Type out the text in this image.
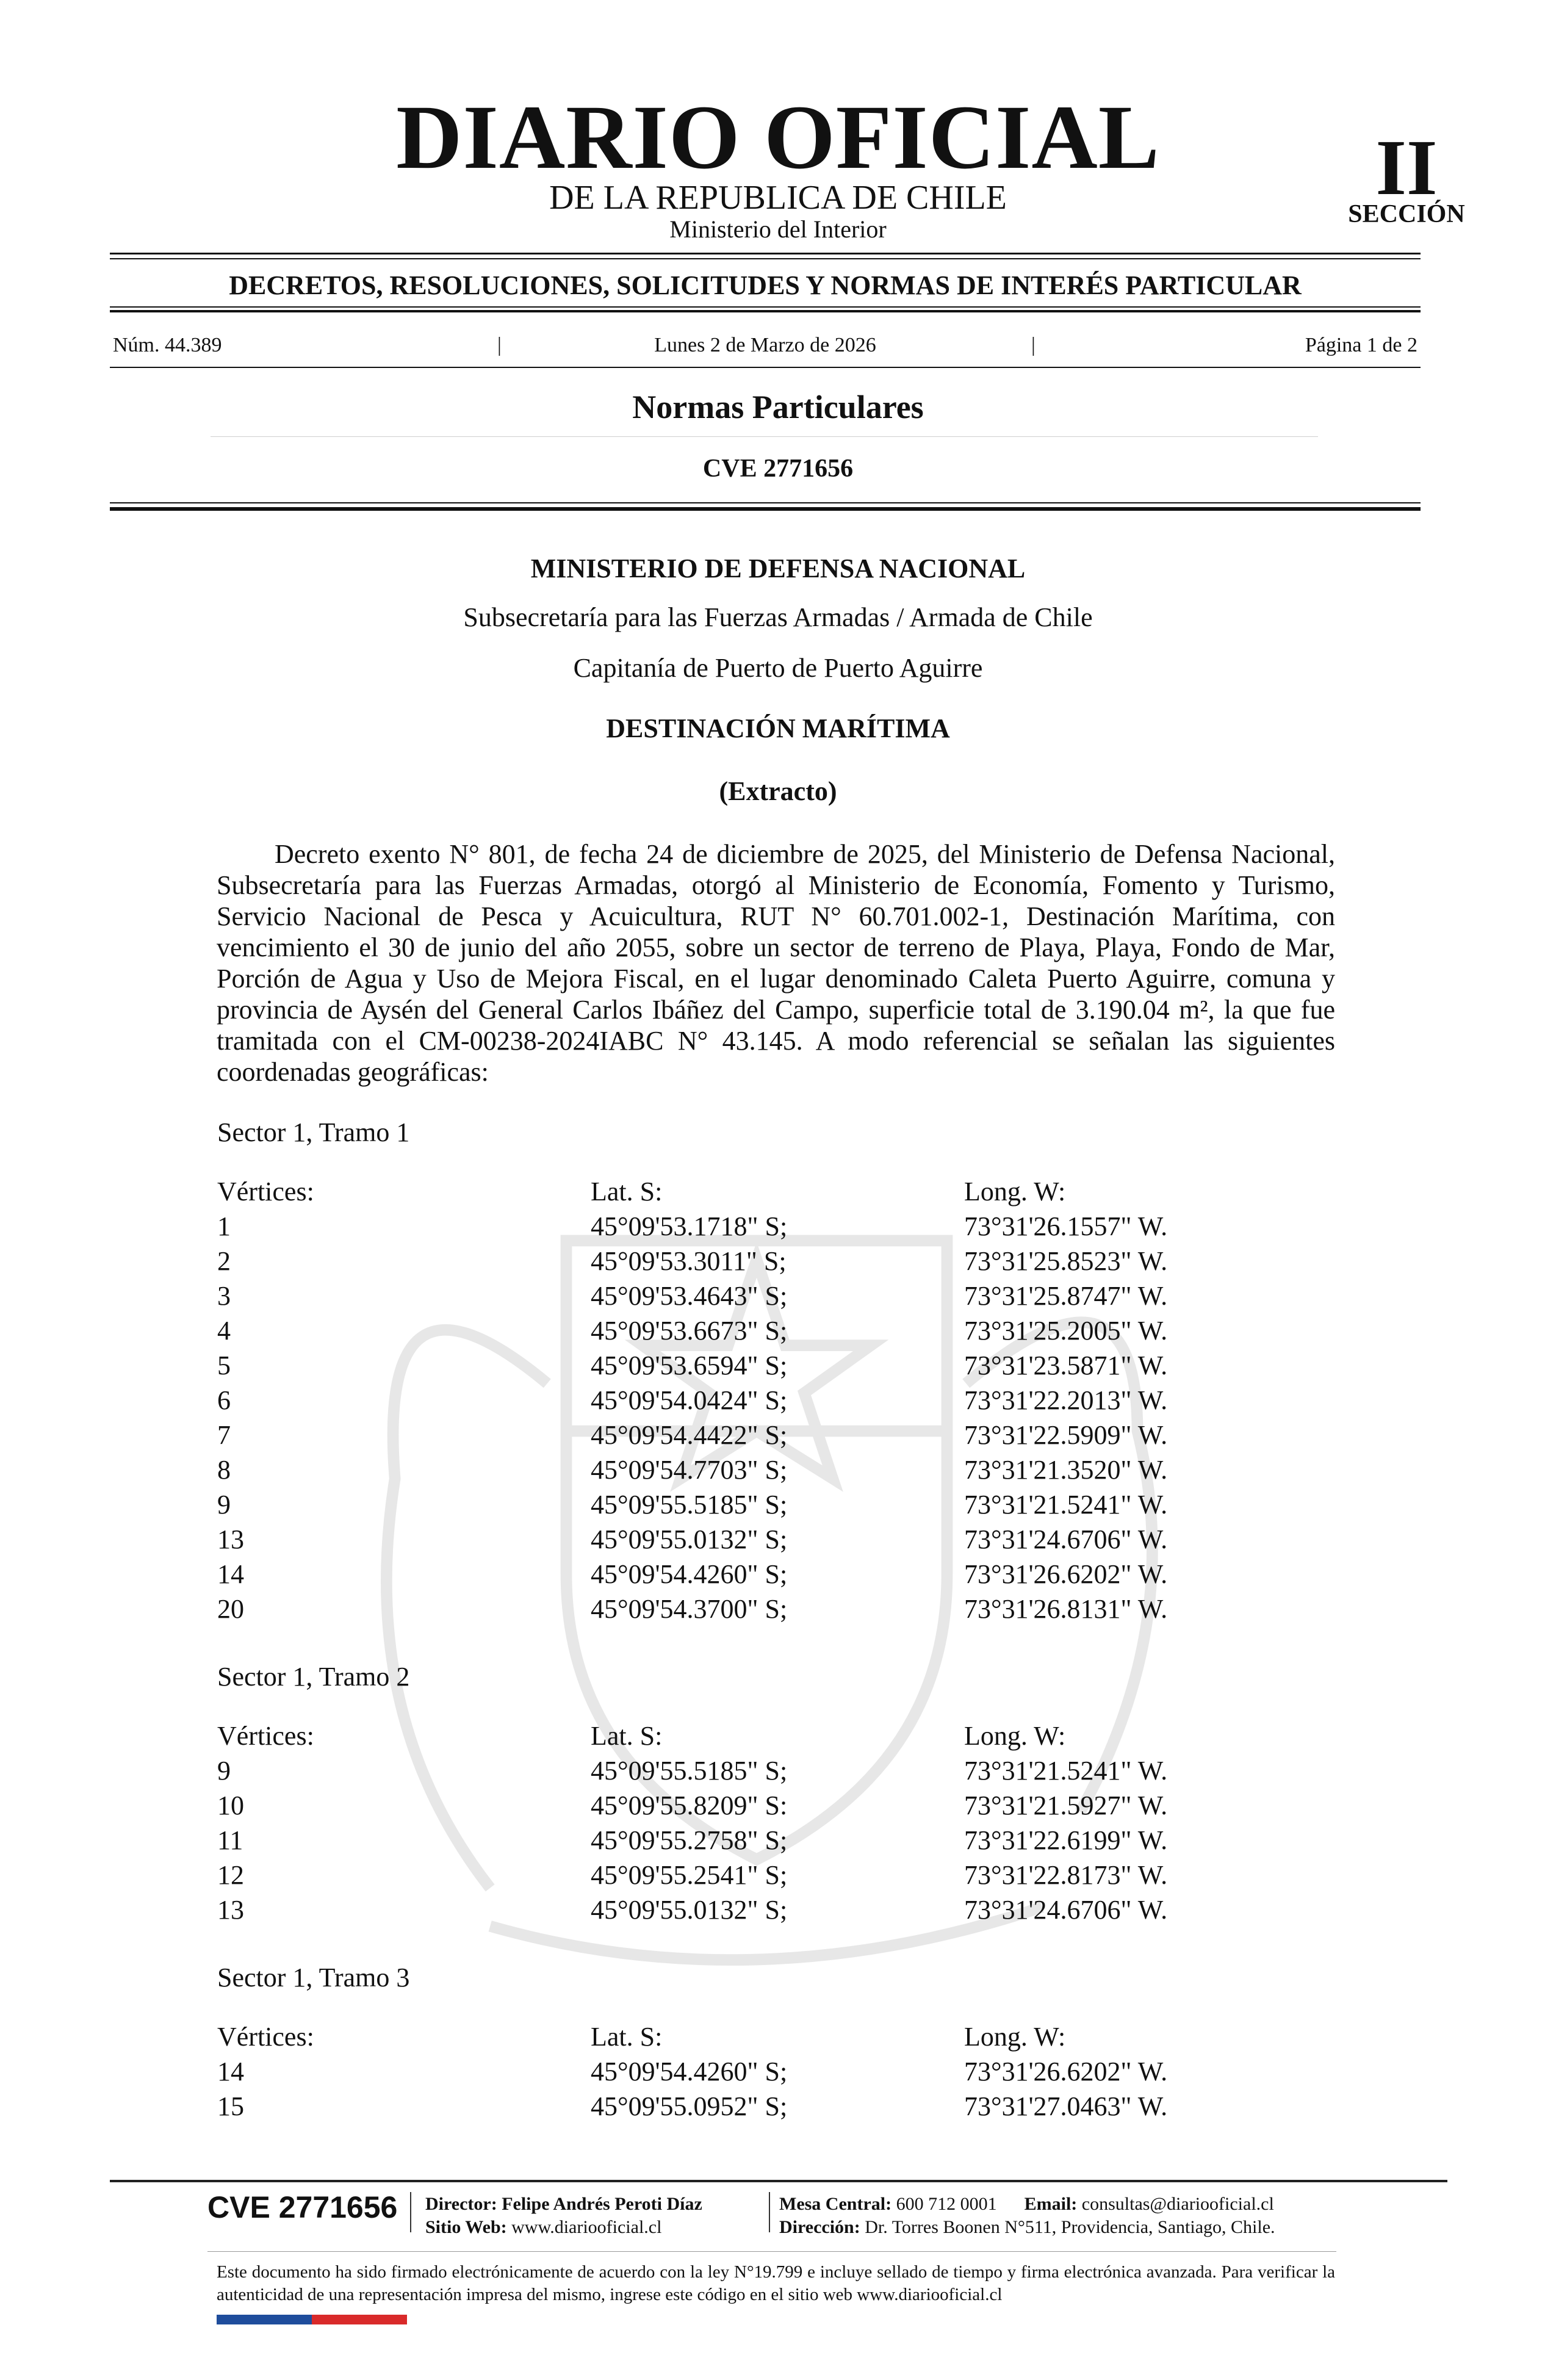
DIARIO OFICIAL
DE LA REPUBLICA DE CHILE
Ministerio del Interior
II
SECCIÓN
DECRETOS, RESOLUCIONES, SOLICITUDES Y NORMAS DE INTERÉS PARTICULAR
Núm. 44.389	|	Lunes 2 de Marzo de 2026	|	Página 1 de 2
Normas Particulares
CVE 2771656
MINISTERIO DE DEFENSA NACIONAL
Subsecretaría para las Fuerzas Armadas / Armada de Chile
Capitanía de Puerto de Puerto Aguirre
DESTINACIÓN MARÍTIMA
(Extracto)
Decreto exento N° 801, de fecha 24 de diciembre de 2025, del Ministerio de Defensa Nacional, Subsecretaría para las Fuerzas Armadas, otorgó al Ministerio de Economía, Fomento y Turismo, Servicio Nacional de Pesca y Acuicultura, RUT N° 60.701.002-1, Destinación Marítima, con vencimiento el 30 de junio del año 2055, sobre un sector de terreno de Playa, Playa, Fondo de Mar, Porción de Agua y Uso de Mejora Fiscal, en el lugar denominado Caleta Puerto Aguirre, comuna y provincia de Aysén del General Carlos Ibáñez del Campo, superficie total de 3.190.04 m², la que fue tramitada con el CM-00238-2024IABC N° 43.145. A modo referencial se señalan las siguientes coordenadas geográficas:
Sector 1, Tramo 1
Vértices:	Lat. S:	Long. W:
1	45°09'53.1718" S;	73°31'26.1557" W.
2	45°09'53.3011" S;	73°31'25.8523" W.
3	45°09'53.4643" S;	73°31'25.8747" W.
4	45°09'53.6673" S;	73°31'25.2005" W.
5	45°09'53.6594" S;	73°31'23.5871" W.
6	45°09'54.0424" S;	73°31'22.2013" W.
7	45°09'54.4422" S;	73°31'22.5909" W.
8	45°09'54.7703" S;	73°31'21.3520" W.
9	45°09'55.5185" S;	73°31'21.5241" W.
13	45°09'55.0132" S;	73°31'24.6706" W.
14	45°09'54.4260" S;	73°31'26.6202" W.
20	45°09'54.3700" S;	73°31'26.8131" W.
Sector 1, Tramo 2
Vértices:	Lat. S:	Long. W:
9	45°09'55.5185" S;	73°31'21.5241" W.
10	45°09'55.8209" S:	73°31'21.5927" W.
11	45°09'55.2758" S;	73°31'22.6199" W.
12	45°09'55.2541" S;	73°31'22.8173" W.
13	45°09'55.0132" S;	73°31'24.6706" W.
Sector 1, Tramo 3
Vértices:	Lat. S:	Long. W:
14	45°09'54.4260" S;	73°31'26.6202" W.
15	45°09'55.0952" S;	73°31'27.0463" W.
CVE 2771656 Director: Felipe Andrés Peroti Díaz
Sitio Web: www.diariooficial.cl
Mesa Central: 600 712 0001 Email: consultas@diariooficial.cl
Dirección: Dr. Torres Boonen N°511, Providencia, Santiago, Chile.
Este documento ha sido firmado electrónicamente de acuerdo con la ley N°19.799 e incluye sellado de tiempo y firma electrónica avanzada. Para verificar la autenticidad de una representación impresa del mismo, ingrese este código en el sitio web www.diariooficial.cl
